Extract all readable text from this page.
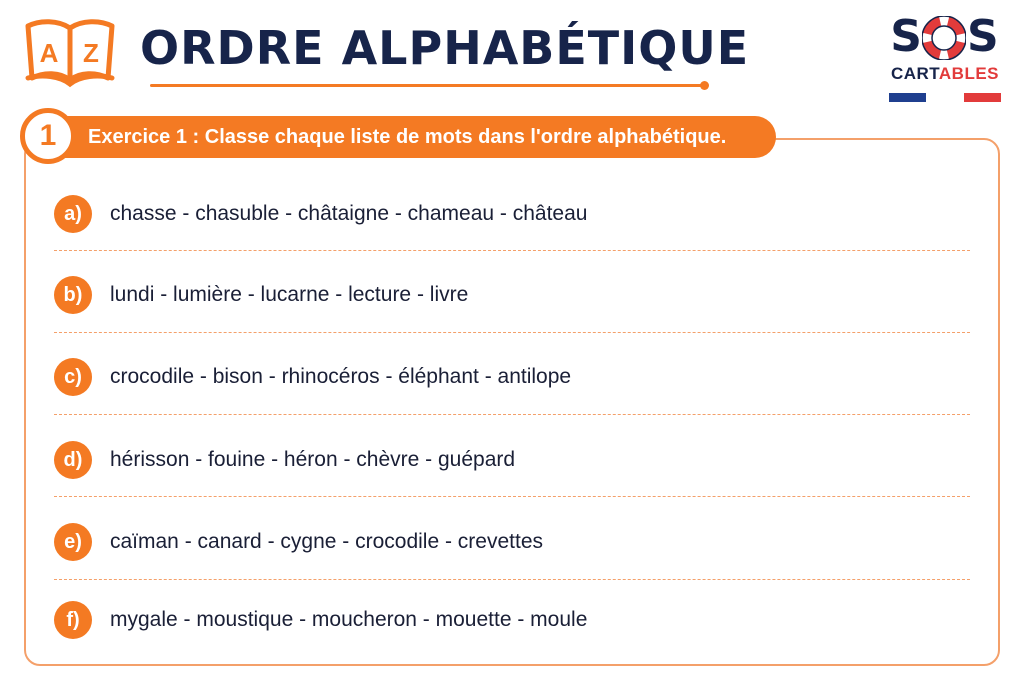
A Z ORDRE ALPHABÉTIQUE	S S
CARTABLES
Exercice 1 : Classe chaque liste de mots dans l'ordre alphabétique.
1
a)	chasse - chasuble - châtaigne - chameau - château
b)	lundi - lumière - lucarne - lecture - livre
c)	crocodile - bison - rhinocéros - éléphant - antilope
d)	hérisson - fouine - héron - chèvre - guépard
e)	caïman - canard - cygne - crocodile - crevettes
f)	mygale - moustique - moucheron - mouette - moule
